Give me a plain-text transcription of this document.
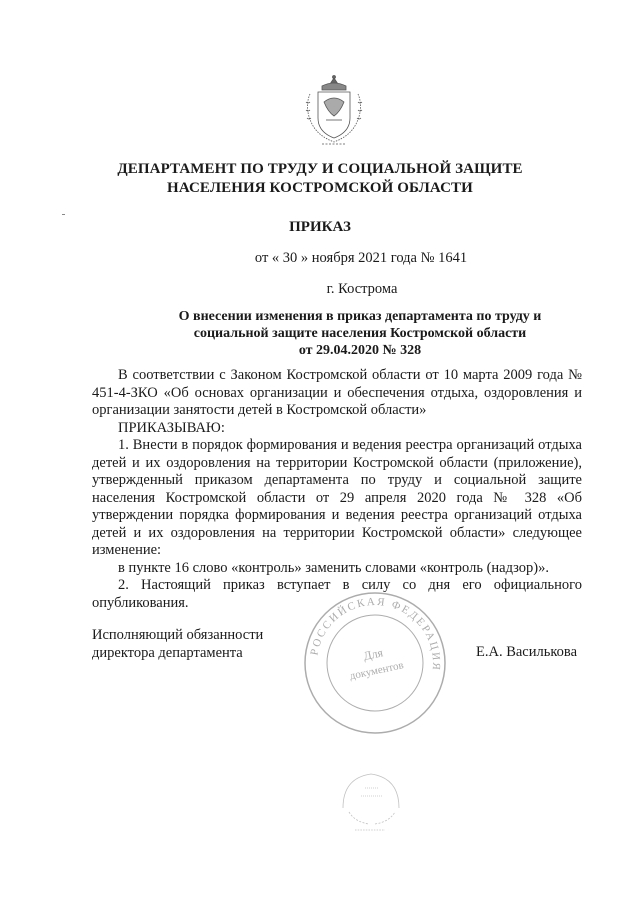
ДЕПАРТАМЕНТ ПО ТРУДУ И СОЦИАЛЬНОЙ ЗАЩИТЕ
НАСЕЛЕНИЯ КОСТРОМСКОЙ ОБЛАСТИ
ПРИКАЗ
от « 30 » ноября 2021 года № 1641
г. Кострома
О внесении изменения в приказ департамента по труду и
социальной защите населения Костромской области
от 29.04.2020 № 328

В соответствии с Законом Костромской области от 10 марта 2009 года № 451-4-ЗКО «Об основах организации и обеспечения отдыха, оздоровления и организации занятости детей в Костромской области»

ПРИКАЗЫВАЮ:

1. Внести в порядок формирования и ведения реестра организаций отдыха детей и их оздоровления на территории Костромской области (приложение), утвержденный приказом департамента по труду и социальной защите населения Костромской области от 29 апреля 2020 года № 328 «Об утверждении порядка формирования и ведения реестра организаций отдыха детей и их оздоровления на территории Костромской области» следующее изменение:

в пункте 16 слово «контроль» заменить словами «контроль (надзор)».

2. Настоящий приказ вступает в силу со дня его официального опубликования.

Исполняющий обязанности
директора департамента	Е.А. Василькова
РОССИЙСКАЯ ФЕДЕРАЦИЯ
Для
документов
